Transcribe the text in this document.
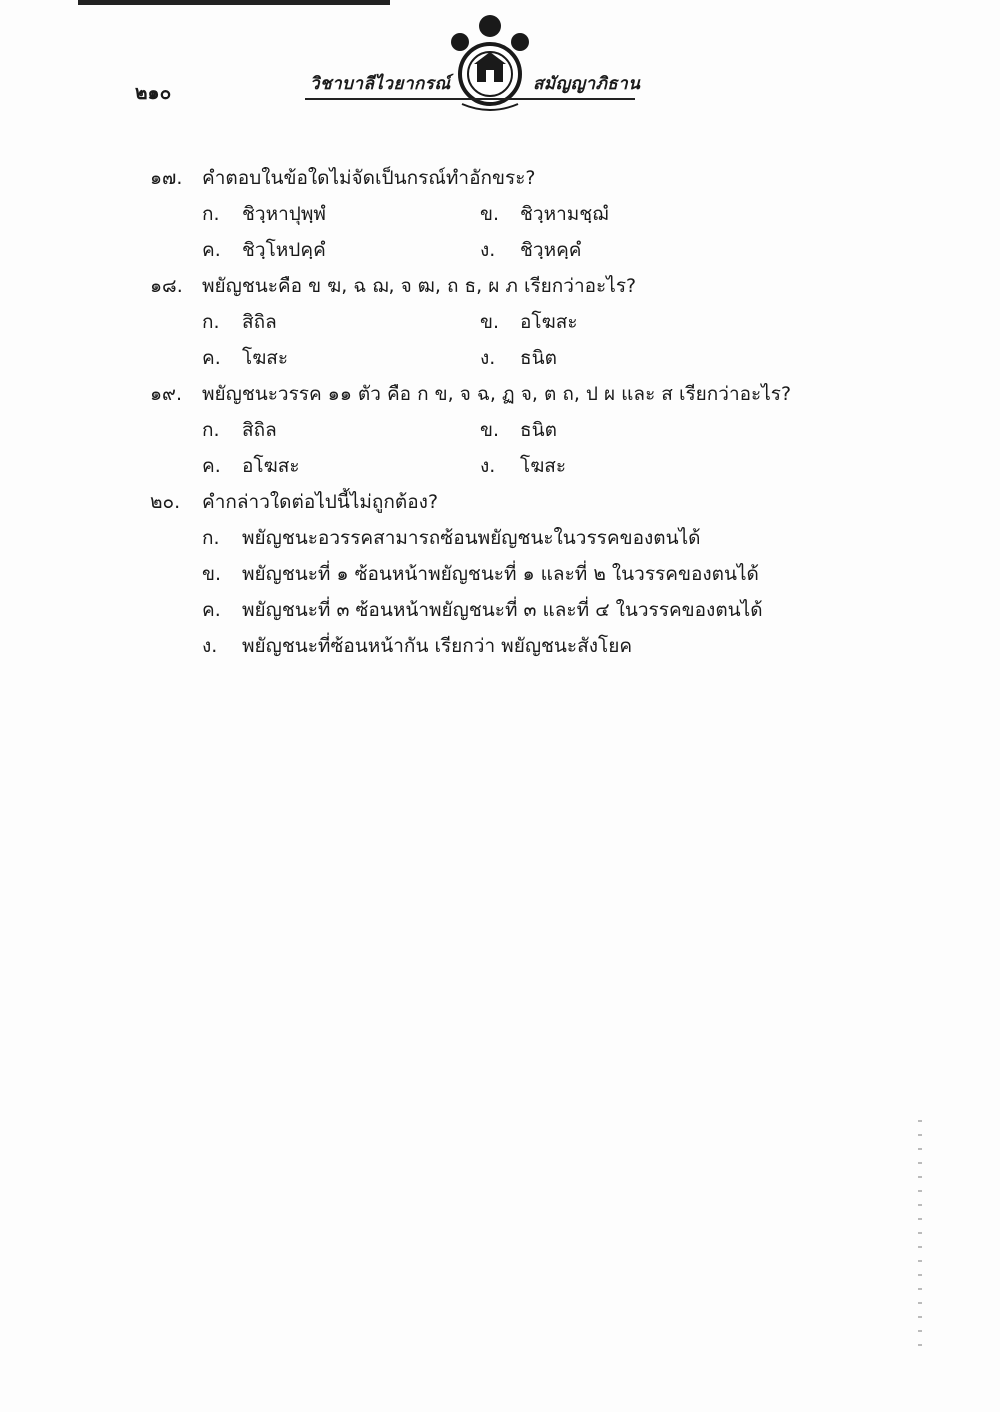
๒๑๐	วิชาบาลีไวยากรณ์	สมัญญาภิธาน
๑๗. คำตอบในข้อใดไม่จัดเป็นกรณ์ทำอักขระ?
ก. ชิวฺหาปุพฺพํ	ข. ชิวฺหามชฺฌํ
ค. ชิวฺโหปคฺคํ	ง. ชิวฺหคฺคํ
๑๘. พยัญชนะคือ ข ฆ, ฉ ฌ, จ ฒ, ถ ธ, ผ ภ เรียกว่าอะไร?
ก. สิถิล	ข. อโฆสะ
ค. โฆสะ	ง. ธนิต
๑๙. พยัญชนะวรรค ๑๑ ตัว คือ ก ข, จ ฉ, ฏ จ, ต ถ, ป ผ และ ส เรียกว่าอะไร?
ก. สิถิล	ข. ธนิต
ค. อโฆสะ	ง. โฆสะ
๒๐. คำกล่าวใดต่อไปนี้ไม่ถูกต้อง?
ก. พยัญชนะอวรรคสามารถซ้อนพยัญชนะในวรรคของตนได้
ข. พยัญชนะที่ ๑ ซ้อนหน้าพยัญชนะที่ ๑ และที่ ๒ ในวรรคของตนได้
ค. พยัญชนะที่ ๓ ซ้อนหน้าพยัญชนะที่ ๓ และที่ ๔ ในวรรคของตนได้
ง. พยัญชนะที่ซ้อนหน้ากัน เรียกว่า พยัญชนะสังโยค
